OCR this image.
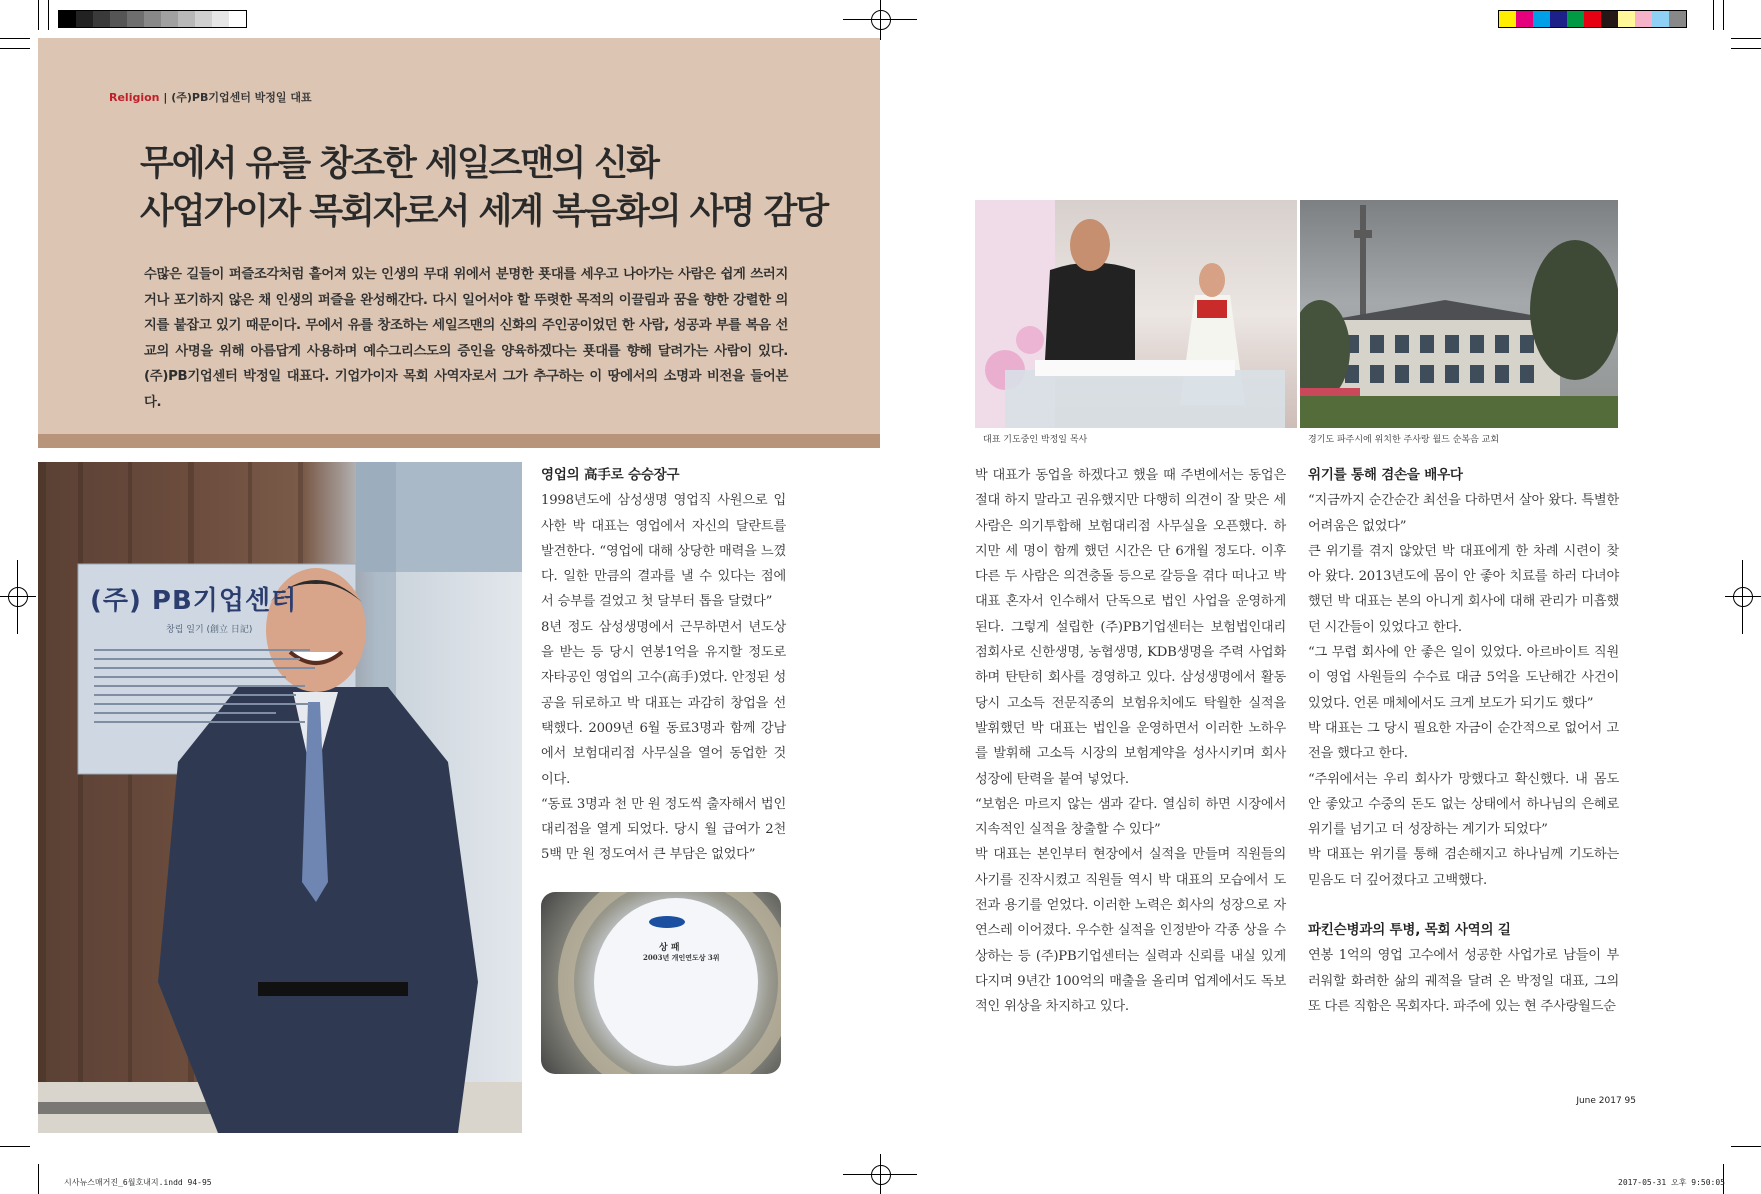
Religion | (주)PB기업센터 박정일 대표
무에서 유를 창조한 세일즈맨의 신화
사업가이자 목회자로서 세계 복음화의 사명 감당

수많은 길들이 퍼즐조각처럼 흩어져 있는 인생의 무대 위에서 분명한 푯대를 세우고 나아가는 사람은 쉽게 쓰러지거나 포기하지 않은 채 인생의 퍼즐을 완성해간다. 다시 일어서야 할 뚜렷한 목적의 이끌림과 꿈을 향한 강렬한 의지를 붙잡고 있기 때문이다. 무에서 유를 창조하는 세일즈맨의 신화의 주인공이었던 한 사람, 성공과 부를 복음 선교의 사명을 위해 아름답게 사용하며 예수그리스도의 증인을 양육하겠다는 푯대를 향해 달려가는 사람이 있다. (주)PB기업센터 박정일 대표다. 기업가이자 목회 사역자로서 그가 추구하는 이 땅에서의 소명과 비전을 들어본다.

(주) PB기업센터
창립 일기 (創立 日記)
상 패
2003년 개인연도상 3위
대표 기도중인 박정일 목사	경기도 파주시에 위치한 주사랑 월드 순복음 교회

영업의 高手로 승승장구

1998년도에 삼성생명 영업직 사원으로 입사한 박 대표는 영업에서 자신의 달란트를 발견한다. “영업에 대해 상당한 매력을 느꼈다. 일한 만큼의 결과를 낼 수 있다는 점에서 승부를 걸었고 첫 달부터 톱을 달렸다”

8년 정도 삼성생명에서 근무하면서 년도상을 받는 등 당시 연봉1억을 유지할 정도로 자타공인 영업의 고수(高手)였다. 안정된 성공을 뒤로하고 박 대표는 과감히 창업을 선택했다. 2009년 6월 동료3명과 함께 강남에서 보험대리점 사무실을 열어 동업한 것이다.

“동료 3명과 천 만 원 정도씩 출자해서 법인대리점을 열게 되었다. 당시 월 급여가 2천 5백 만 원 정도여서 큰 부담은 없었다”

박 대표가 동업을 하겠다고 했을 때 주변에서는 동업은 절대 하지 말라고 권유했지만 다행히 의견이 잘 맞은 세 사람은 의기투합해 보험대리점 사무실을 오픈했다. 하지만 세 명이 함께 했던 시간은 단 6개월 정도다. 이후 다른 두 사람은 의견충돌 등으로 갈등을 겪다 떠나고 박 대표 혼자서 인수해서 단독으로 법인 사업을 운영하게 된다. 그렇게 설립한 (주)PB기업센터는 보험법인대리점회사로 신한생명, 농협생명, KDB생명을 주력 사업화 하며 탄탄히 회사를 경영하고 있다. 삼성생명에서 활동당시 고소득 전문직종의 보험유치에도 탁월한 실적을 발휘했던 박 대표는 법인을 운영하면서 이러한 노하우를 발휘해 고소득 시장의 보험계약을 성사시키며 회사 성장에 탄력을 붙여 넣었다.

“보험은 마르지 않는 샘과 같다. 열심히 하면 시장에서 지속적인 실적을 창출할 수 있다”

박 대표는 본인부터 현장에서 실적을 만들며 직원들의 사기를 진작시켰고 직원들 역시 박 대표의 모습에서 도전과 용기를 얻었다. 이러한 노력은 회사의 성장으로 자연스레 이어졌다. 우수한 실적을 인정받아 각종 상을 수상하는 등 (주)PB기업센터는 실력과 신뢰를 내실 있게 다지며 9년간 100억의 매출을 올리며 업계에서도 독보적인 위상을 차지하고 있다.

위기를 통해 겸손을 배우다

“지금까지 순간순간 최선을 다하면서 살아 왔다. 특별한 어려움은 없었다”

큰 위기를 겪지 않았던 박 대표에게 한 차례 시련이 찾아 왔다. 2013년도에 몸이 안 좋아 치료를 하러 다녀야 했던 박 대표는 본의 아니게 회사에 대해 관리가 미흡했던 시간들이 있었다고 한다.

“그 무렵 회사에 안 좋은 일이 있었다. 아르바이트 직원이 영업 사원들의 수수료 대금 5억을 도난해간 사건이 있었다. 언론 매체에서도 크게 보도가 되기도 했다”

박 대표는 그 당시 필요한 자금이 순간적으로 없어서 고전을 했다고 한다.

“주위에서는 우리 회사가 망했다고 확신했다. 내 몸도 안 좋았고 수중의 돈도 없는 상태에서 하나님의 은혜로 위기를 넘기고 더 성장하는 계기가 되었다”

박 대표는 위기를 통해 겸손해지고 하나님께 기도하는 믿음도 더 깊어졌다고 고백했다.

파킨슨병과의 투병, 목회 사역의 길

연봉 1억의 영업 고수에서 성공한 사업가로 남들이 부러워할 화려한 삶의 궤적을 달려 온 박정일 대표, 그의 또 다른 직함은 목회자다. 파주에 있는 현 주사랑월드순

June 2017 95
시사뉴스매거진_6월호내지.indd 94-95	2017-05-31 오후 9:50:05
